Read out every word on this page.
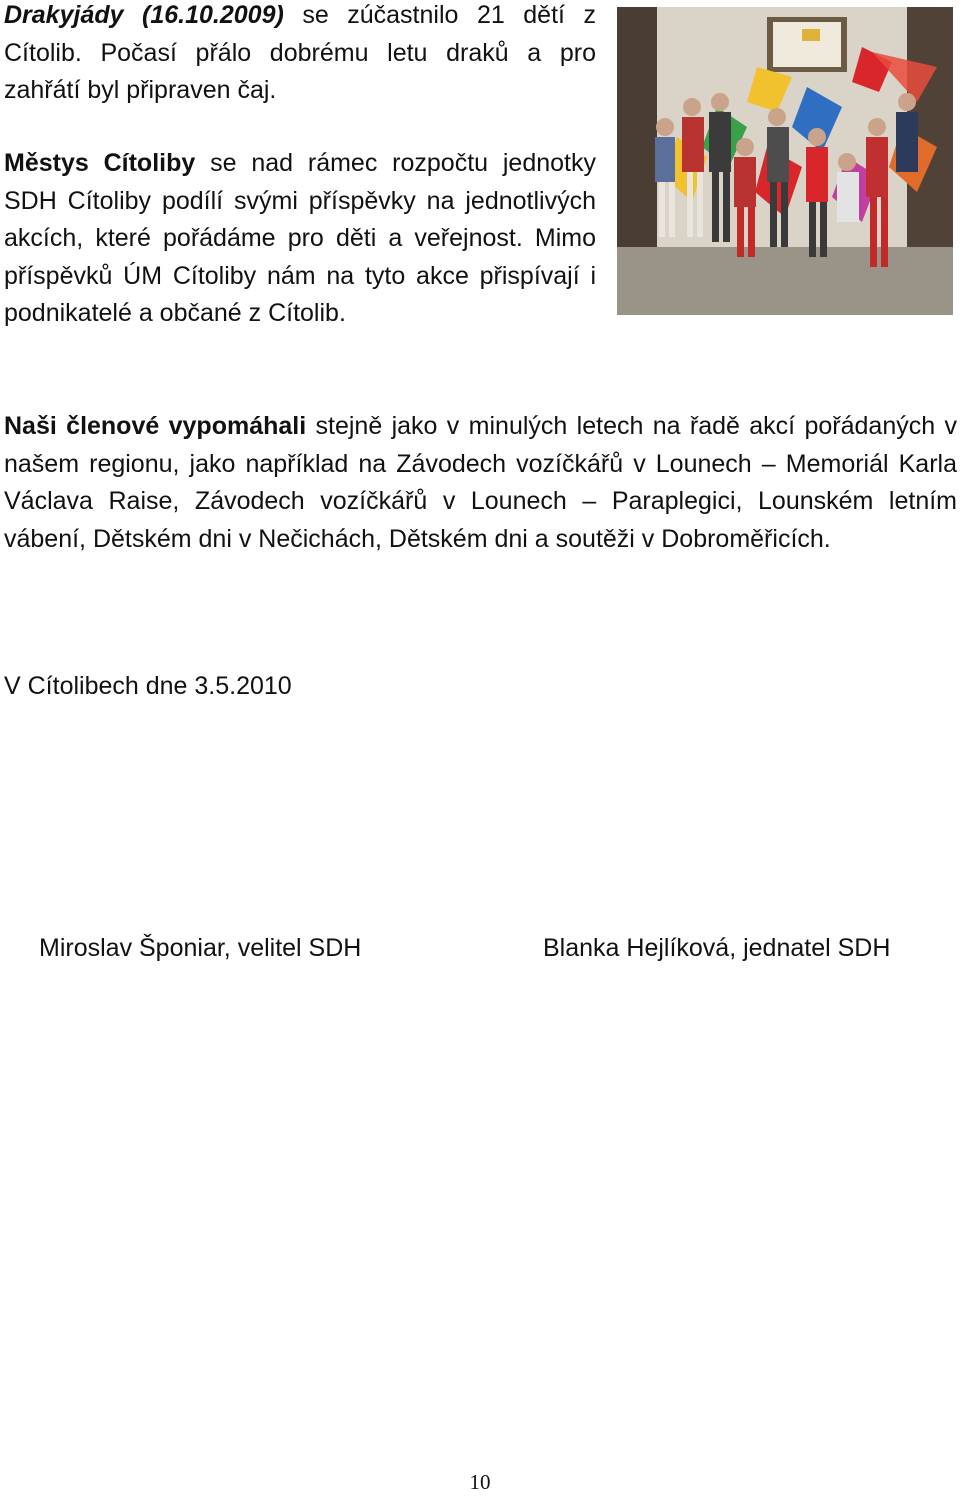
Drakyjády (16.10.2009) se zúčastnilo 21 dětí z Cítolib. Počasí přálo dobrému letu draků a pro zahřátí byl připraven čaj.

Městys Cítoliby se nad rámec rozpočtu jednotky SDH Cítoliby podílí svými příspěvky na jednotlivých akcích, které pořádáme pro děti a veřejnost. Mimo příspěvků ÚM Cítoliby nám na tyto akce přispívají i podnikatelé a občané z Cítolib.

Naši členové vypomáhali stejně jako v minulých letech na řadě akcí pořádaných v našem regionu, jako například na Závodech vozíčkářů v Lounech – Memoriál Karla Václava Raise, Závodech vozíčkářů v Lounech – Paraplegici, Lounském letním vábení, Dětském dni v Nečichách, Dětském dni a soutěži v Dobroměřicích.

V Cítolibech dne 3.5.2010

Miroslav Šponiar, velitel SDH	Blanka Hejlíková, jednatel SDH

10
